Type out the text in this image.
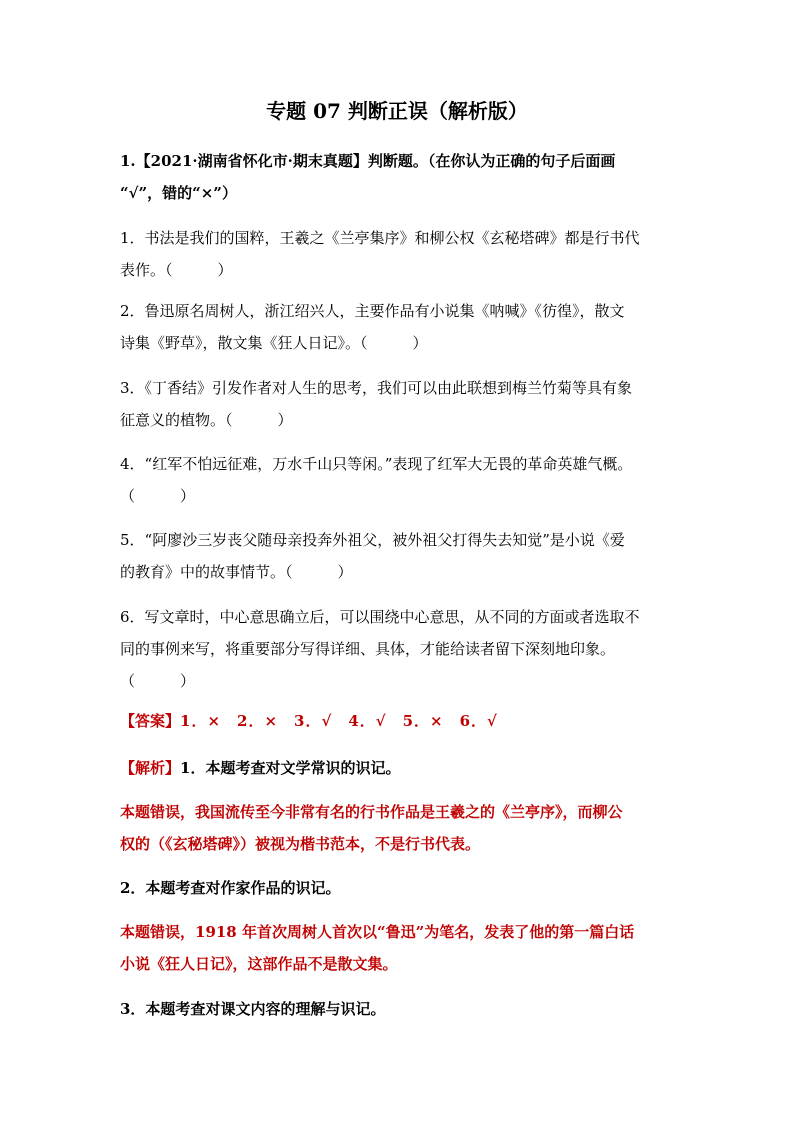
专题 07 判断正误（解析版）
1.【2021·湖南省怀化市·期末真题】判断题。（在你认为正确的句子后面画
“√”，错的“×”）
1．书法是我们的国粹，王羲之《兰亭集序》和柳公权《玄秘塔碑》都是行书代
表作。（　　　）
2．鲁迅原名周树人，浙江绍兴人，主要作品有小说集《呐喊》《彷徨》，散文
诗集《野草》，散文集《狂人日记》。（　　　）
3．《丁香结》引发作者对人生的思考，我们可以由此联想到梅兰竹菊等具有象
征意义的植物。（　　　）
4．“红军不怕远征难，万水千山只等闲。”表现了红军大无畏的革命英雄气概。
（　　　）
5．“阿廖沙三岁丧父随母亲投奔外祖父，被外祖父打得失去知觉”是小说《爱
的教育》中的故事情节。（　　　）
6．写文章时，中心意思确立后，可以围绕中心意思，从不同的方面或者选取不
同的事例来写，将重要部分写得详细、具体，才能给读者留下深刻地印象。
（　　　）
【答案】1．×　2．×　3．√　4．√　5．×　6．√
【解析】1．本题考查对文学常识的识记。
本题错误，我国流传至今非常有名的行书作品是王羲之的《兰亭序》，而柳公
权的（《玄秘塔碑》）被视为楷书范本，不是行书代表。
2．本题考查对作家作品的识记。
本题错误，1918 年首次周树人首次以“鲁迅”为笔名，发表了他的第一篇白话
小说《狂人日记》，这部作品不是散文集。
3．本题考查对课文内容的理解与识记。
